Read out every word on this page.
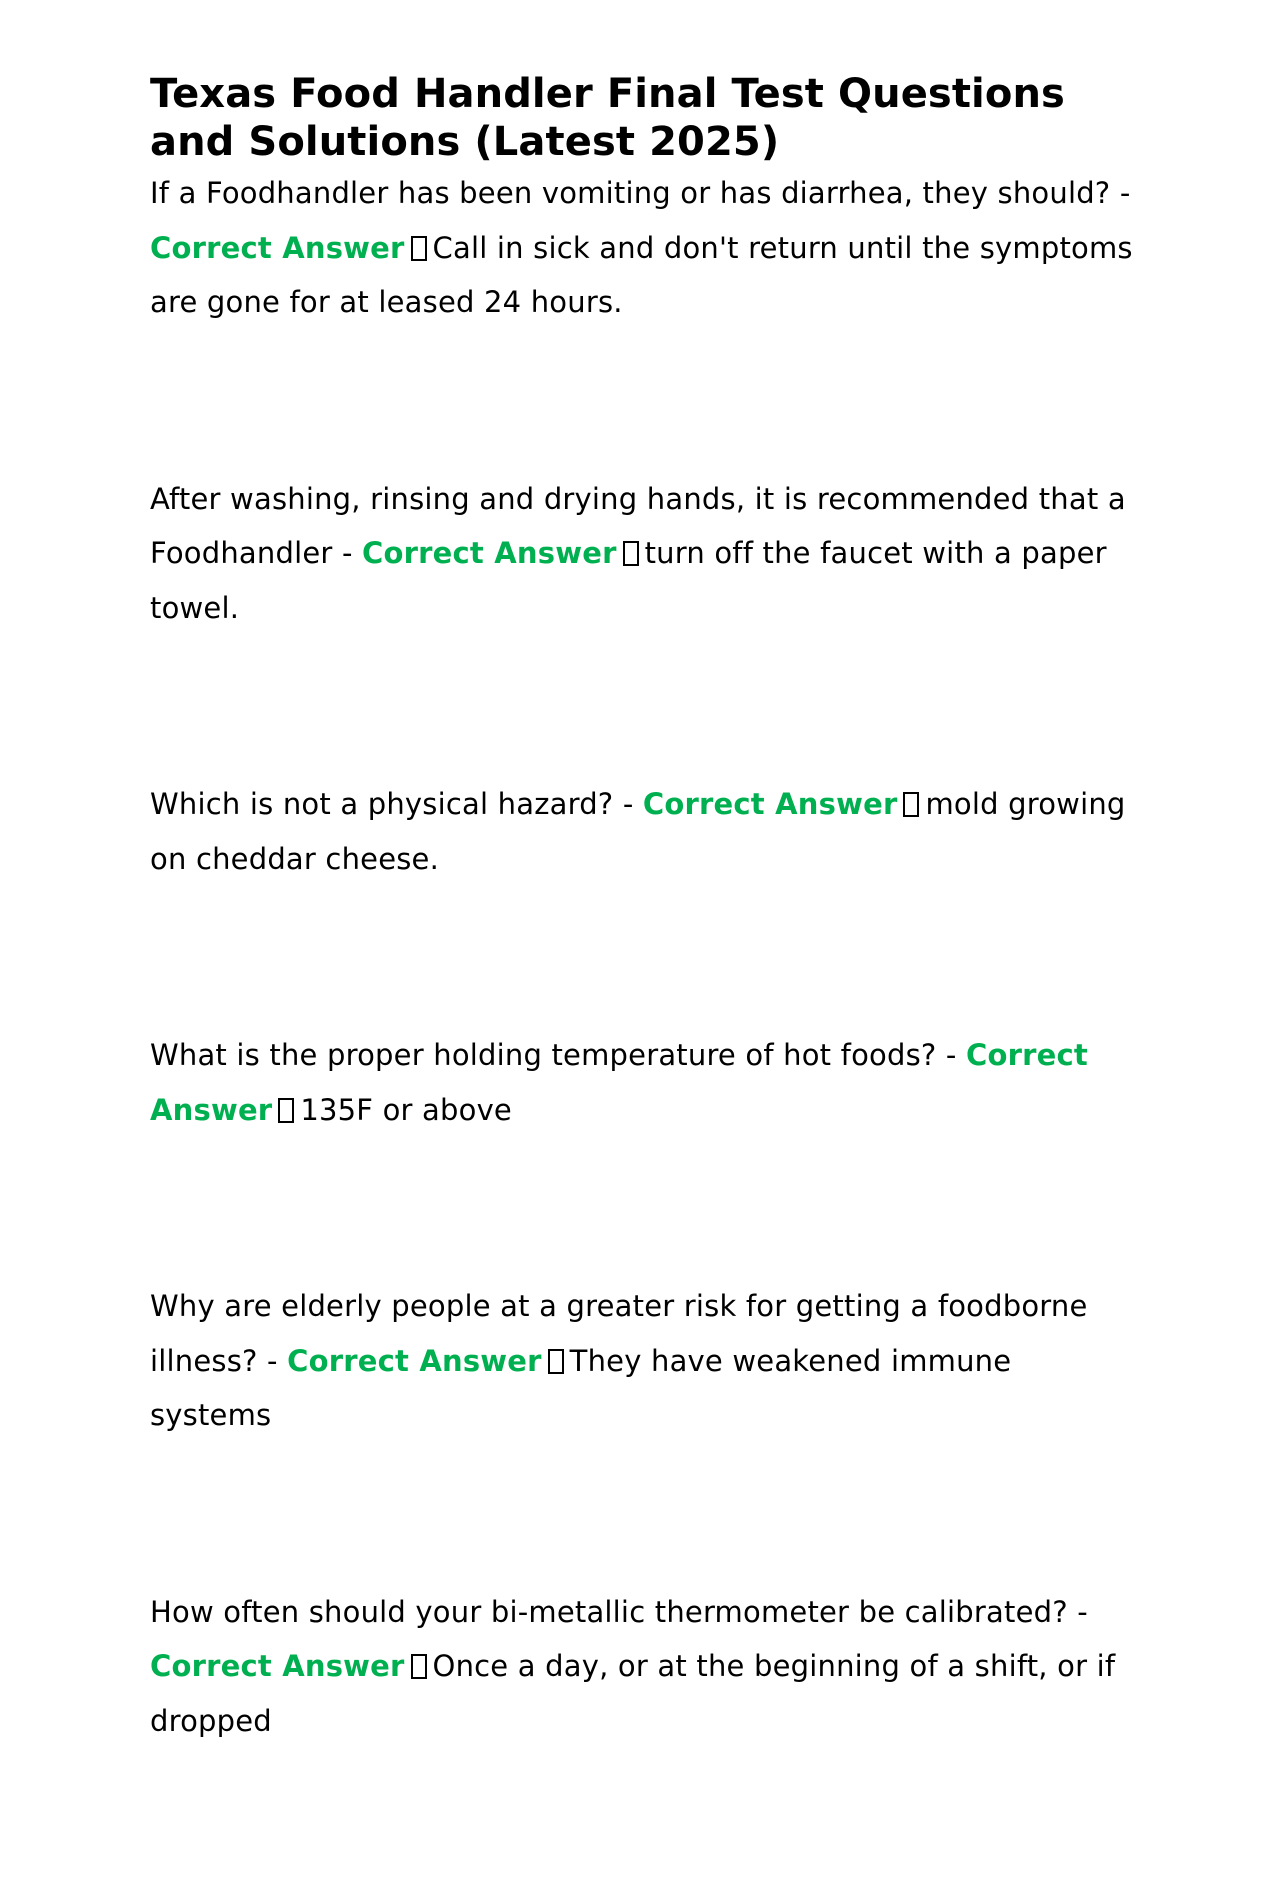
Texas Food Handler Final Test Questions
and Solutions (Latest 2025)

If a Foodhandler has been vomiting or has diarrhea, they should? - Correct Answer Call in sick and don't return until the symptoms are gone for at leased 24 hours.

After washing, rinsing and drying hands, it is recommended that a Foodhandler - Correct Answer turn off the faucet with a paper towel.

Which is not a physical hazard? - Correct Answer mold growing on cheddar cheese.

What is the proper holding temperature of hot foods? - Correct Answer 135F or above

Why are elderly people at a greater risk for getting a foodborne illness? - Correct Answer They have weakened immune systems

How often should your bi-metallic thermometer be calibrated? - Correct Answer Once a day, or at the beginning of a shift, or if dropped
